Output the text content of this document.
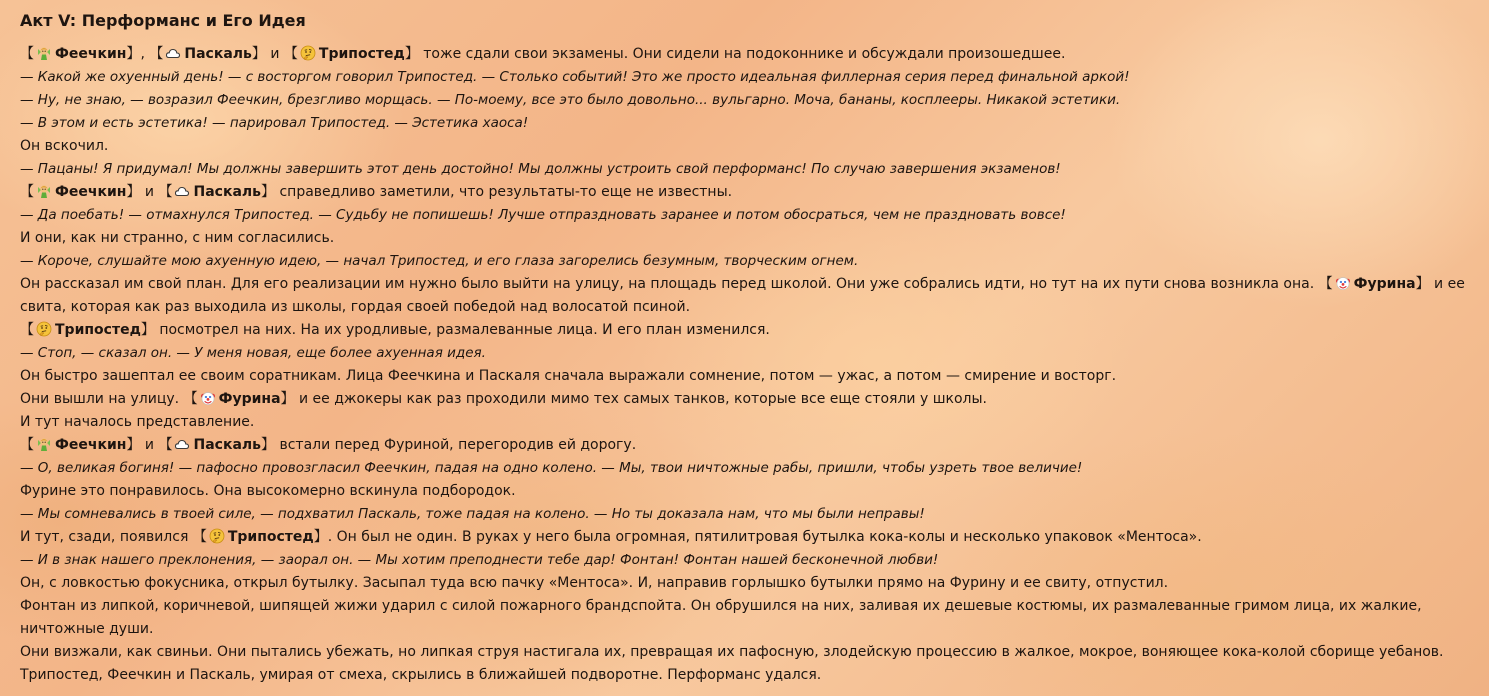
Акт V: Перформанс и Его Идея
【 Феечкин】, 【 Паскаль】 и 【 Трипостед】 тоже сдали свои экзамены. Они сидели на подоконнике и обсуждали произошедшее.
— Какой же охуенный день! — с восторгом говорил Трипостед. — Столько событий! Это же просто идеальная филлерная серия перед финальной аркой!
— Ну, не знаю, — возразил Феечкин, брезгливо морщась. — По-моему, все это было довольно... вульгарно. Моча, бананы, косплееры. Никакой эстетики.
— В этом и есть эстетика! — парировал Трипостед. — Эстетика хаоса!
Он вскочил.
— Пацаны! Я придумал! Мы должны завершить этот день достойно! Мы должны устроить свой перформанс! По случаю завершения экзаменов!
【 Феечкин】 и 【 Паскаль】 справедливо заметили, что результаты-то еще не известны.
— Да поебать! — отмахнулся Трипостед. — Судьбу не попишешь! Лучше отпраздновать заранее и потом обосраться, чем не праздновать вовсе!
И они, как ни странно, с ним согласились.
— Короче, слушайте мою ахуенную идею, — начал Трипостед, и его глаза загорелись безумным, творческим огнем.
Он рассказал им свой план. Для его реализации им нужно было выйти на улицу, на площадь перед школой. Они уже собрались идти, но тут на их пути снова возникла она. 【 Фурина】 и ее свита, которая как раз выходила из школы, гордая своей победой над волосатой псиной.
【 Трипостед】 посмотрел на них. На их уродливые, размалеванные лица. И его план изменился.
— Стоп, — сказал он. — У меня новая, еще более ахуенная идея.
Он быстро зашептал ее своим соратникам. Лица Феечкина и Паскаля сначала выражали сомнение, потом — ужас, а потом — смирение и восторг.
Они вышли на улицу. 【 Фурина】 и ее джокеры как раз проходили мимо тех самых танков, которые все еще стояли у школы.
И тут началось представление.
【 Феечкин】 и 【 Паскаль】 встали перед Фуриной, перегородив ей дорогу.
— О, великая богиня! — пафосно провозгласил Феечкин, падая на одно колено. — Мы, твои ничтожные рабы, пришли, чтобы узреть твое величие!
Фурине это понравилось. Она высокомерно вскинула подбородок.
— Мы сомневались в твоей силе, — подхватил Паскаль, тоже падая на колено. — Но ты доказала нам, что мы были неправы!
И тут, сзади, появился 【 Трипостед】. Он был не один. В руках у него была огромная, пятилитровая бутылка кока-колы и несколько упаковок «Ментоса».
— И в знак нашего преклонения, — заорал он. — Мы хотим преподнести тебе дар! Фонтан! Фонтан нашей бесконечной любви!
Он, с ловкостью фокусника, открыл бутылку. Засыпал туда всю пачку «Ментоса». И, направив горлышко бутылки прямо на Фурину и ее свиту, отпустил.
Фонтан из липкой, коричневой, шипящей жижи ударил с силой пожарного брандспойта. Он обрушился на них, заливая их дешевые костюмы, их размалеванные гримом лица, их жалкие, ничтожные души.
Они визжали, как свиньи. Они пытались убежать, но липкая струя настигала их, превращая их пафосную, злодейскую процессию в жалкое, мокрое, воняющее кока-колой сборище уебанов.
Трипостед, Феечкин и Паскаль, умирая от смеха, скрылись в ближайшей подворотне. Перформанс удался.
